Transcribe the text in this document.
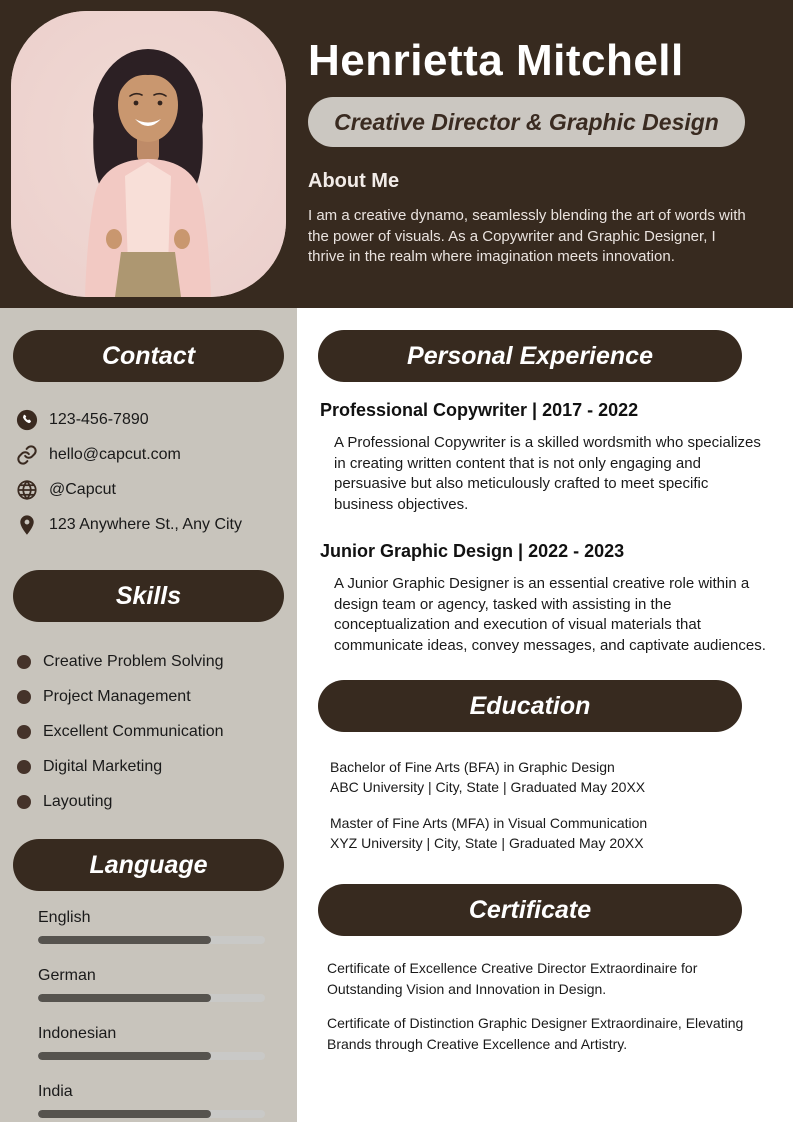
Henrietta Mitchell
Creative Director & Graphic Design
About Me

I am a creative dynamo, seamlessly blending the art of words with the power of visuals. As a Copywriter and Graphic Designer, I thrive in the realm where imagination meets innovation.

Contact
123-456-7890
hello@capcut.com
@Capcut
123 Anywhere St., Any City
Skills
Creative Problem Solving
Project Management
Excellent Communication
Digital Marketing
Layouting
Language
English
German
Indonesian
India
Personal Experience
Professional Copywriter | 2017 - 2022

A Professional Copywriter is a skilled wordsmith who specializes in creating written content that is not only engaging and persuasive but also meticulously crafted to meet specific business objectives.

Junior Graphic Design | 2022 - 2023

A Junior Graphic Designer is an essential creative role within a design team or agency, tasked with assisting in the conceptualization and execution of visual materials that communicate ideas, convey messages, and captivate audiences.

Education
Bachelor of Fine Arts (BFA) in Graphic Design
ABC University | City, State | Graduated May 20XX
Master of Fine Arts (MFA) in Visual Communication
XYZ University | City, State | Graduated May 20XX
Certificate

Certificate of Excellence Creative Director Extraordinaire for Outstanding Vision and Innovation in Design.

Certificate of Distinction Graphic Designer Extraordinaire, Elevating Brands through Creative Excellence and Artistry.
